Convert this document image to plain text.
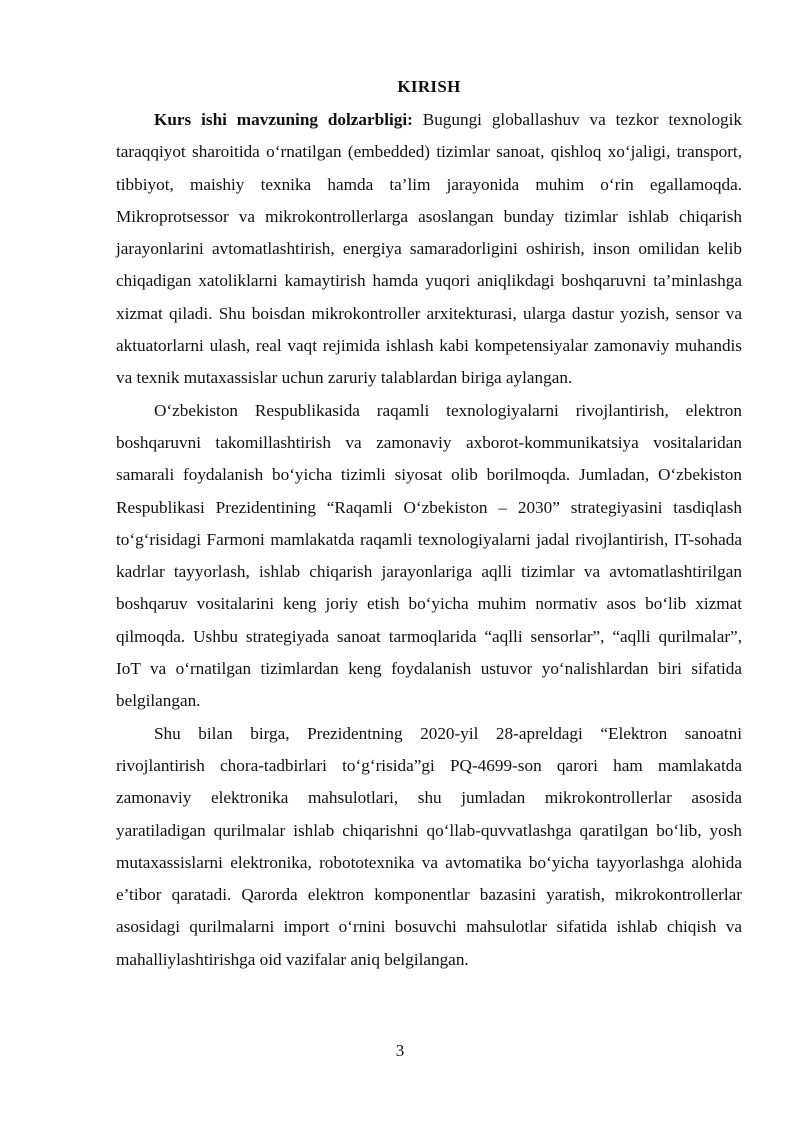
KIRISH

Kurs ishi mavzuning dolzarbligi: Bugungi globallashuv va tezkor texnologik taraqqiyot sharoitida o‘rnatilgan (embedded) tizimlar sanoat, qishloq xo‘jaligi, transport, tibbiyot, maishiy texnika hamda ta’lim jarayonida muhim o‘rin egallamoqda. Mikroprotsessor va mikrokontrollerlarga asoslangan bunday tizimlar ishlab chiqarish jarayonlarini avtomatlashtirish, energiya samaradorligini oshirish, inson omilidan kelib chiqadigan xatoliklarni kamaytirish hamda yuqori aniqlikdagi boshqaruvni ta’minlashga xizmat qiladi. Shu boisdan mikrokontroller arxitekturasi, ularga dastur yozish, sensor va aktuatorlarni ulash, real vaqt rejimida ishlash kabi kompetensiyalar zamonaviy muhandis va texnik mutaxassislar uchun zaruriy talablardan biriga aylangan.

O‘zbekiston Respublikasida raqamli texnologiyalarni rivojlantirish, elektron boshqaruvni takomillashtirish va zamonaviy axborot-kommunikatsiya vositalaridan samarali foydalanish bo‘yicha tizimli siyosat olib borilmoqda. Jumladan, O‘zbekiston Respublikasi Prezidentining “Raqamli O‘zbekiston – 2030” strategiyasini tasdiqlash to‘g‘risidagi Farmoni mamlakatda raqamli texnologiyalarni jadal rivojlantirish, IT-sohada kadrlar tayyorlash, ishlab chiqarish jarayonlariga aqlli tizimlar va avtomatlashtirilgan boshqaruv vositalarini keng joriy etish bo‘yicha muhim normativ asos bo‘lib xizmat qilmoqda. Ushbu strategiyada sanoat tarmoqlarida “aqlli sensorlar”, “aqlli qurilmalar”, IoT va o‘rnatilgan tizimlardan keng foydalanish ustuvor yo‘nalishlardan biri sifatida belgilangan.

Shu bilan birga, Prezidentning 2020-yil 28-apreldagi “Elektron sanoatni rivojlantirish chora-tadbirlari to‘g‘risida”gi PQ-4699-son qarori ham mamlakatda zamonaviy elektronika mahsulotlari, shu jumladan mikrokontrollerlar asosida yaratiladigan qurilmalar ishlab chiqarishni qo‘llab-quvvatlashga qaratilgan bo‘lib, yosh mutaxassislarni elektronika, robototexnika va avtomatika bo‘yicha tayyorlashga alohida e’tibor qaratadi. Qarorda elektron komponentlar bazasini yaratish, mikrokontrollerlar asosidagi qurilmalarni import o‘rnini bosuvchi mahsulotlar sifatida ishlab chiqish va mahalliylashtirishga oid vazifalar aniq belgilangan.

3
